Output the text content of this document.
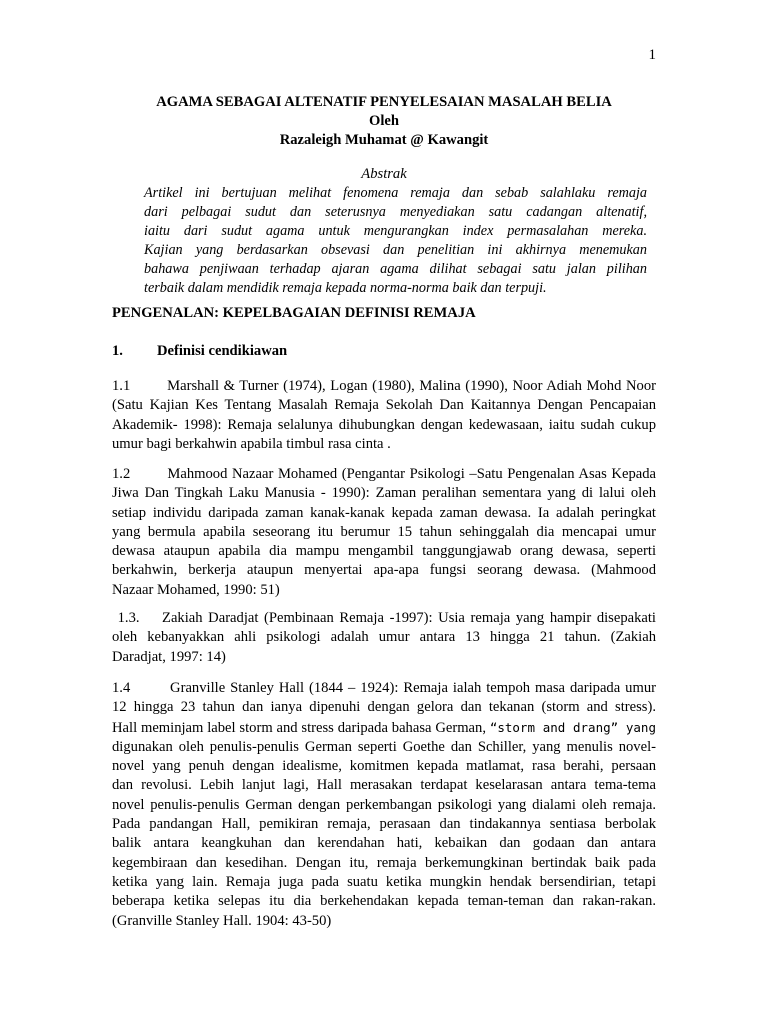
1
AGAMA SEBAGAI ALTENATIF PENYELESAIAN MASALAH BELIA
Oleh
Razaleigh Muhamat @ Kawangit
Abstrak
Artikel ini bertujuan melihat fenomena remaja dan sebab salahlaku remaja
dari pelbagai sudut dan seterusnya menyediakan satu cadangan altenatif,
iaitu dari sudut agama untuk mengurangkan index permasalahan mereka.
Kajian yang berdasarkan obsevasi dan penelitian ini akhirnya menemukan
bahawa penjiwaan terhadap ajaran agama dilihat sebagai satu jalan pilihan
terbaik dalam mendidik remaja kepada norma-norma baik dan terpuji.
PENGENALAN: KEPELBAGAIAN DEFINISI REMAJA
1. Definisi cendikiawan
1.1        Marshall & Turner (1974), Logan (1980), Malina (1990), Noor Adiah Mohd Noor
(Satu Kajian Kes Tentang Masalah Remaja Sekolah Dan Kaitannya Dengan Pencapaian
Akademik- 1998): Remaja selalunya dihubungkan dengan kedewasaan, iaitu sudah cukup
umur bagi berkahwin apabila timbul rasa cinta .
1.2        Mahmood Nazaar Mohamed (Pengantar Psikologi –Satu Pengenalan Asas Kepada
Jiwa Dan Tingkah Laku Manusia - 1990): Zaman peralihan sementara yang di lalui oleh
setiap individu daripada zaman kanak-kanak kepada zaman dewasa. Ia adalah peringkat
yang bermula apabila seseorang itu berumur 15 tahun sehinggalah dia mencapai umur
dewasa ataupun apabila dia mampu mengambil tanggungjawab orang dewasa, seperti
berkahwin, berkerja ataupun menyertai apa-apa fungsi seorang dewasa. (Mahmood
Nazaar Mohamed, 1990: 51)
1.3.    Zakiah Daradjat (Pembinaan Remaja -1997): Usia remaja yang hampir disepakati
oleh kebanyakkan ahli psikologi adalah umur antara 13 hingga 21 tahun. (Zakiah
Daradjat, 1997: 14)
1.4        Granville Stanley Hall (1844 – 1924): Remaja ialah tempoh masa daripada umur
12 hingga 23 tahun dan ianya dipenuhi dengan gelora dan tekanan (storm and stress).
Hall meminjam label storm and stress daripada bahasa German, “storm and drang” yang
digunakan oleh penulis-penulis German seperti Goethe dan Schiller, yang menulis novel-
novel yang penuh dengan idealisme, komitmen kepada matlamat, rasa berahi, persaan
dan revolusi. Lebih lanjut lagi, Hall merasakan terdapat keselarasan antara tema-tema
novel penulis-penulis German dengan perkembangan psikologi yang dialami oleh remaja.
Pada pandangan Hall, pemikiran remaja, perasaan dan tindakannya sentiasa berbolak
balik antara keangkuhan dan kerendahan hati, kebaikan dan godaan dan antara
kegembiraan dan kesedihan. Dengan itu, remaja berkemungkinan bertindak baik pada
ketika yang lain. Remaja juga pada suatu ketika mungkin hendak bersendirian, tetapi
beberapa ketika selepas itu dia berkehendakan kepada teman-teman dan rakan-rakan.
(Granville Stanley Hall. 1904: 43-50)
